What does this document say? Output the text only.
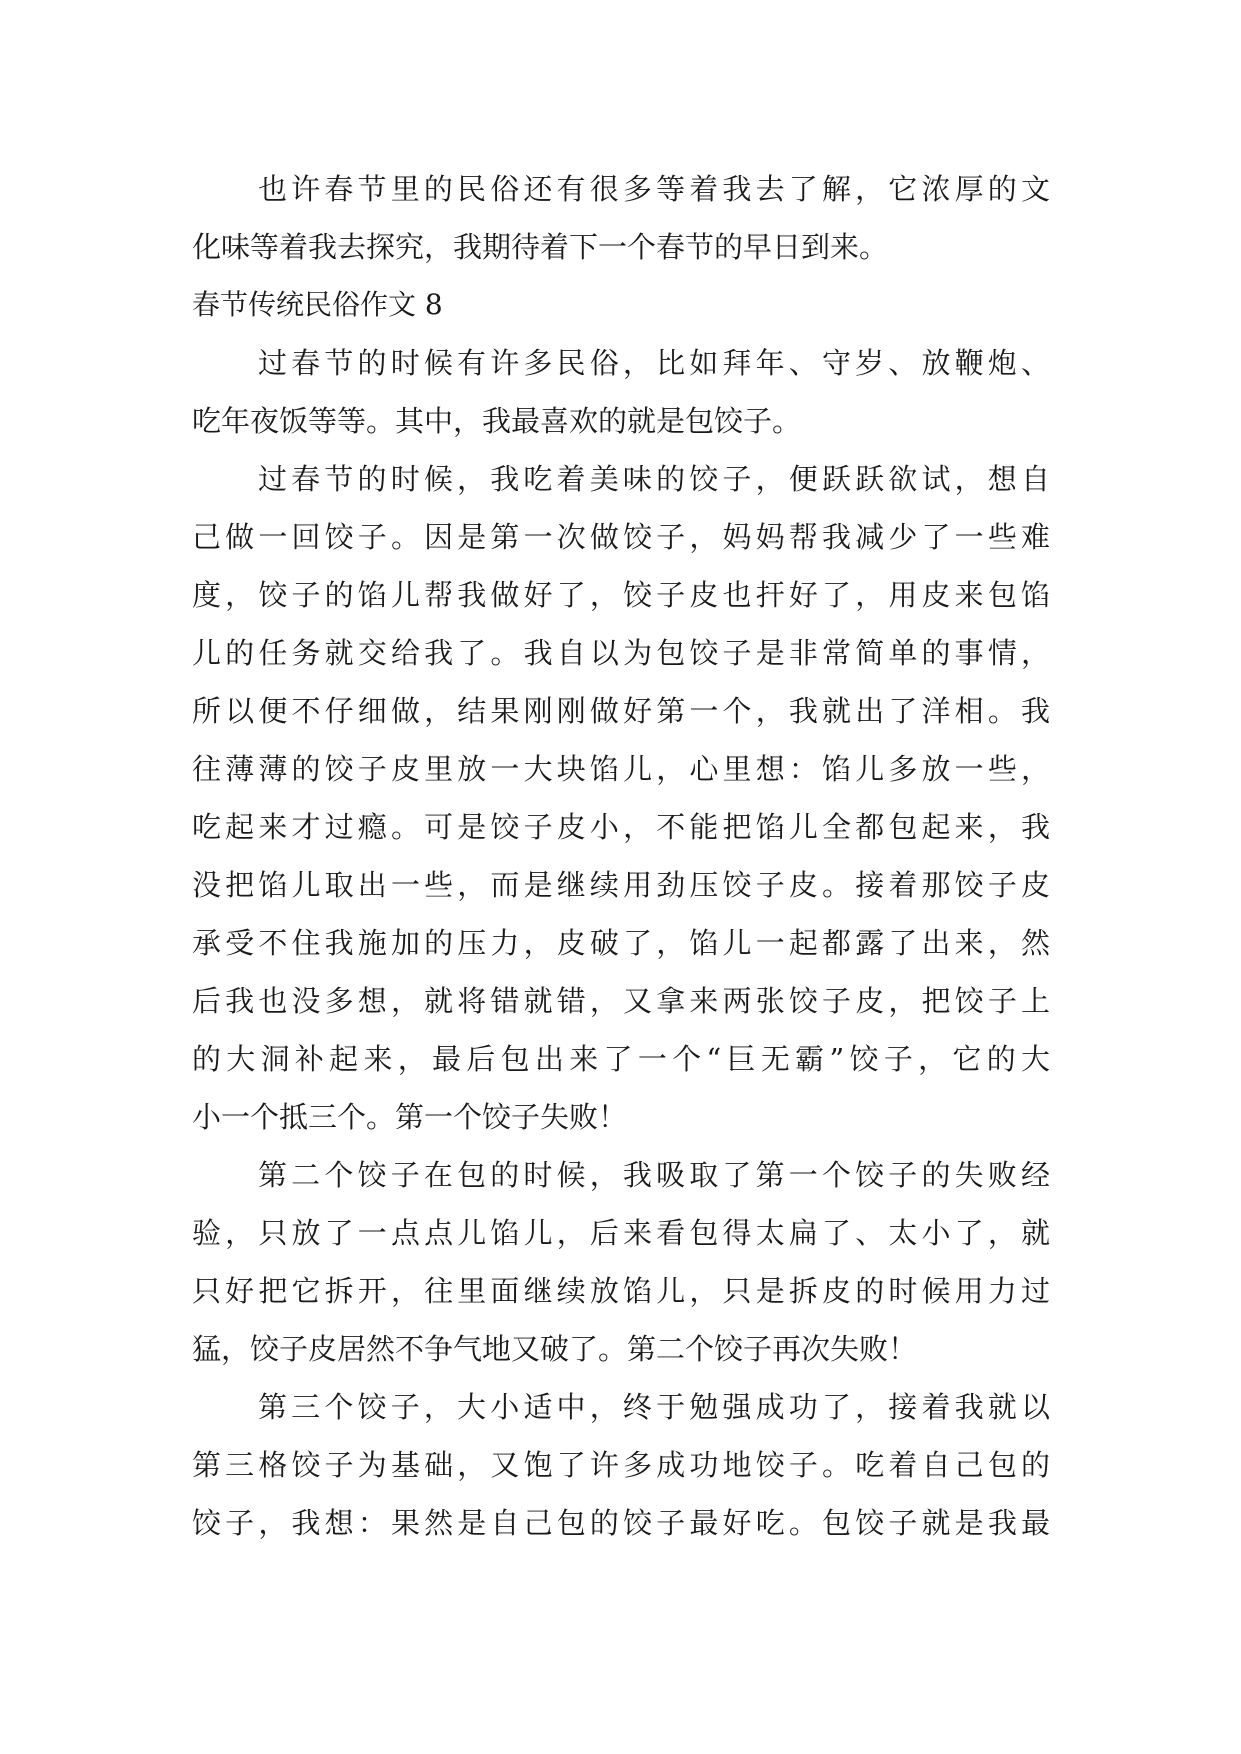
也许春节里的民俗还有很多等着我去了解，它浓厚的文
化味等着我去探究，我期待着下一个春节的早日到来。
春节传统民俗作文 8
过春节的时候有许多民俗，比如拜年、守岁、放鞭炮、
吃年夜饭等等。其中，我最喜欢的就是包饺子。
过春节的时候，我吃着美味的饺子，便跃跃欲试，想自
己做一回饺子。因是第一次做饺子，妈妈帮我减少了一些难
度，饺子的馅儿帮我做好了，饺子皮也扞好了，用皮来包馅
儿的任务就交给我了。我自以为包饺子是非常简单的事情，
所以便不仔细做，结果刚刚做好第一个，我就出了洋相。我
往薄薄的饺子皮里放一大块馅儿，心里想：馅儿多放一些，
吃起来才过瘾。可是饺子皮小，不能把馅儿全都包起来，我
没把馅儿取出一些，而是继续用劲压饺子皮。接着那饺子皮
承受不住我施加的压力，皮破了，馅儿一起都露了出来，然
后我也没多想，就将错就错，又拿来两张饺子皮，把饺子上
的大洞补起来，最后包出来了一个“巨无霸”饺子，它的大
小一个抵三个。第一个饺子失败！
第二个饺子在包的时候，我吸取了第一个饺子的失败经
验，只放了一点点儿馅儿，后来看包得太扁了、太小了，就
只好把它拆开，往里面继续放馅儿，只是拆皮的时候用力过
猛，饺子皮居然不争气地又破了。第二个饺子再次失败！
第三个饺子，大小适中，终于勉强成功了，接着我就以
第三格饺子为基础，又饱了许多成功地饺子。吃着自己包的
饺子，我想：果然是自己包的饺子最好吃。包饺子就是我最
